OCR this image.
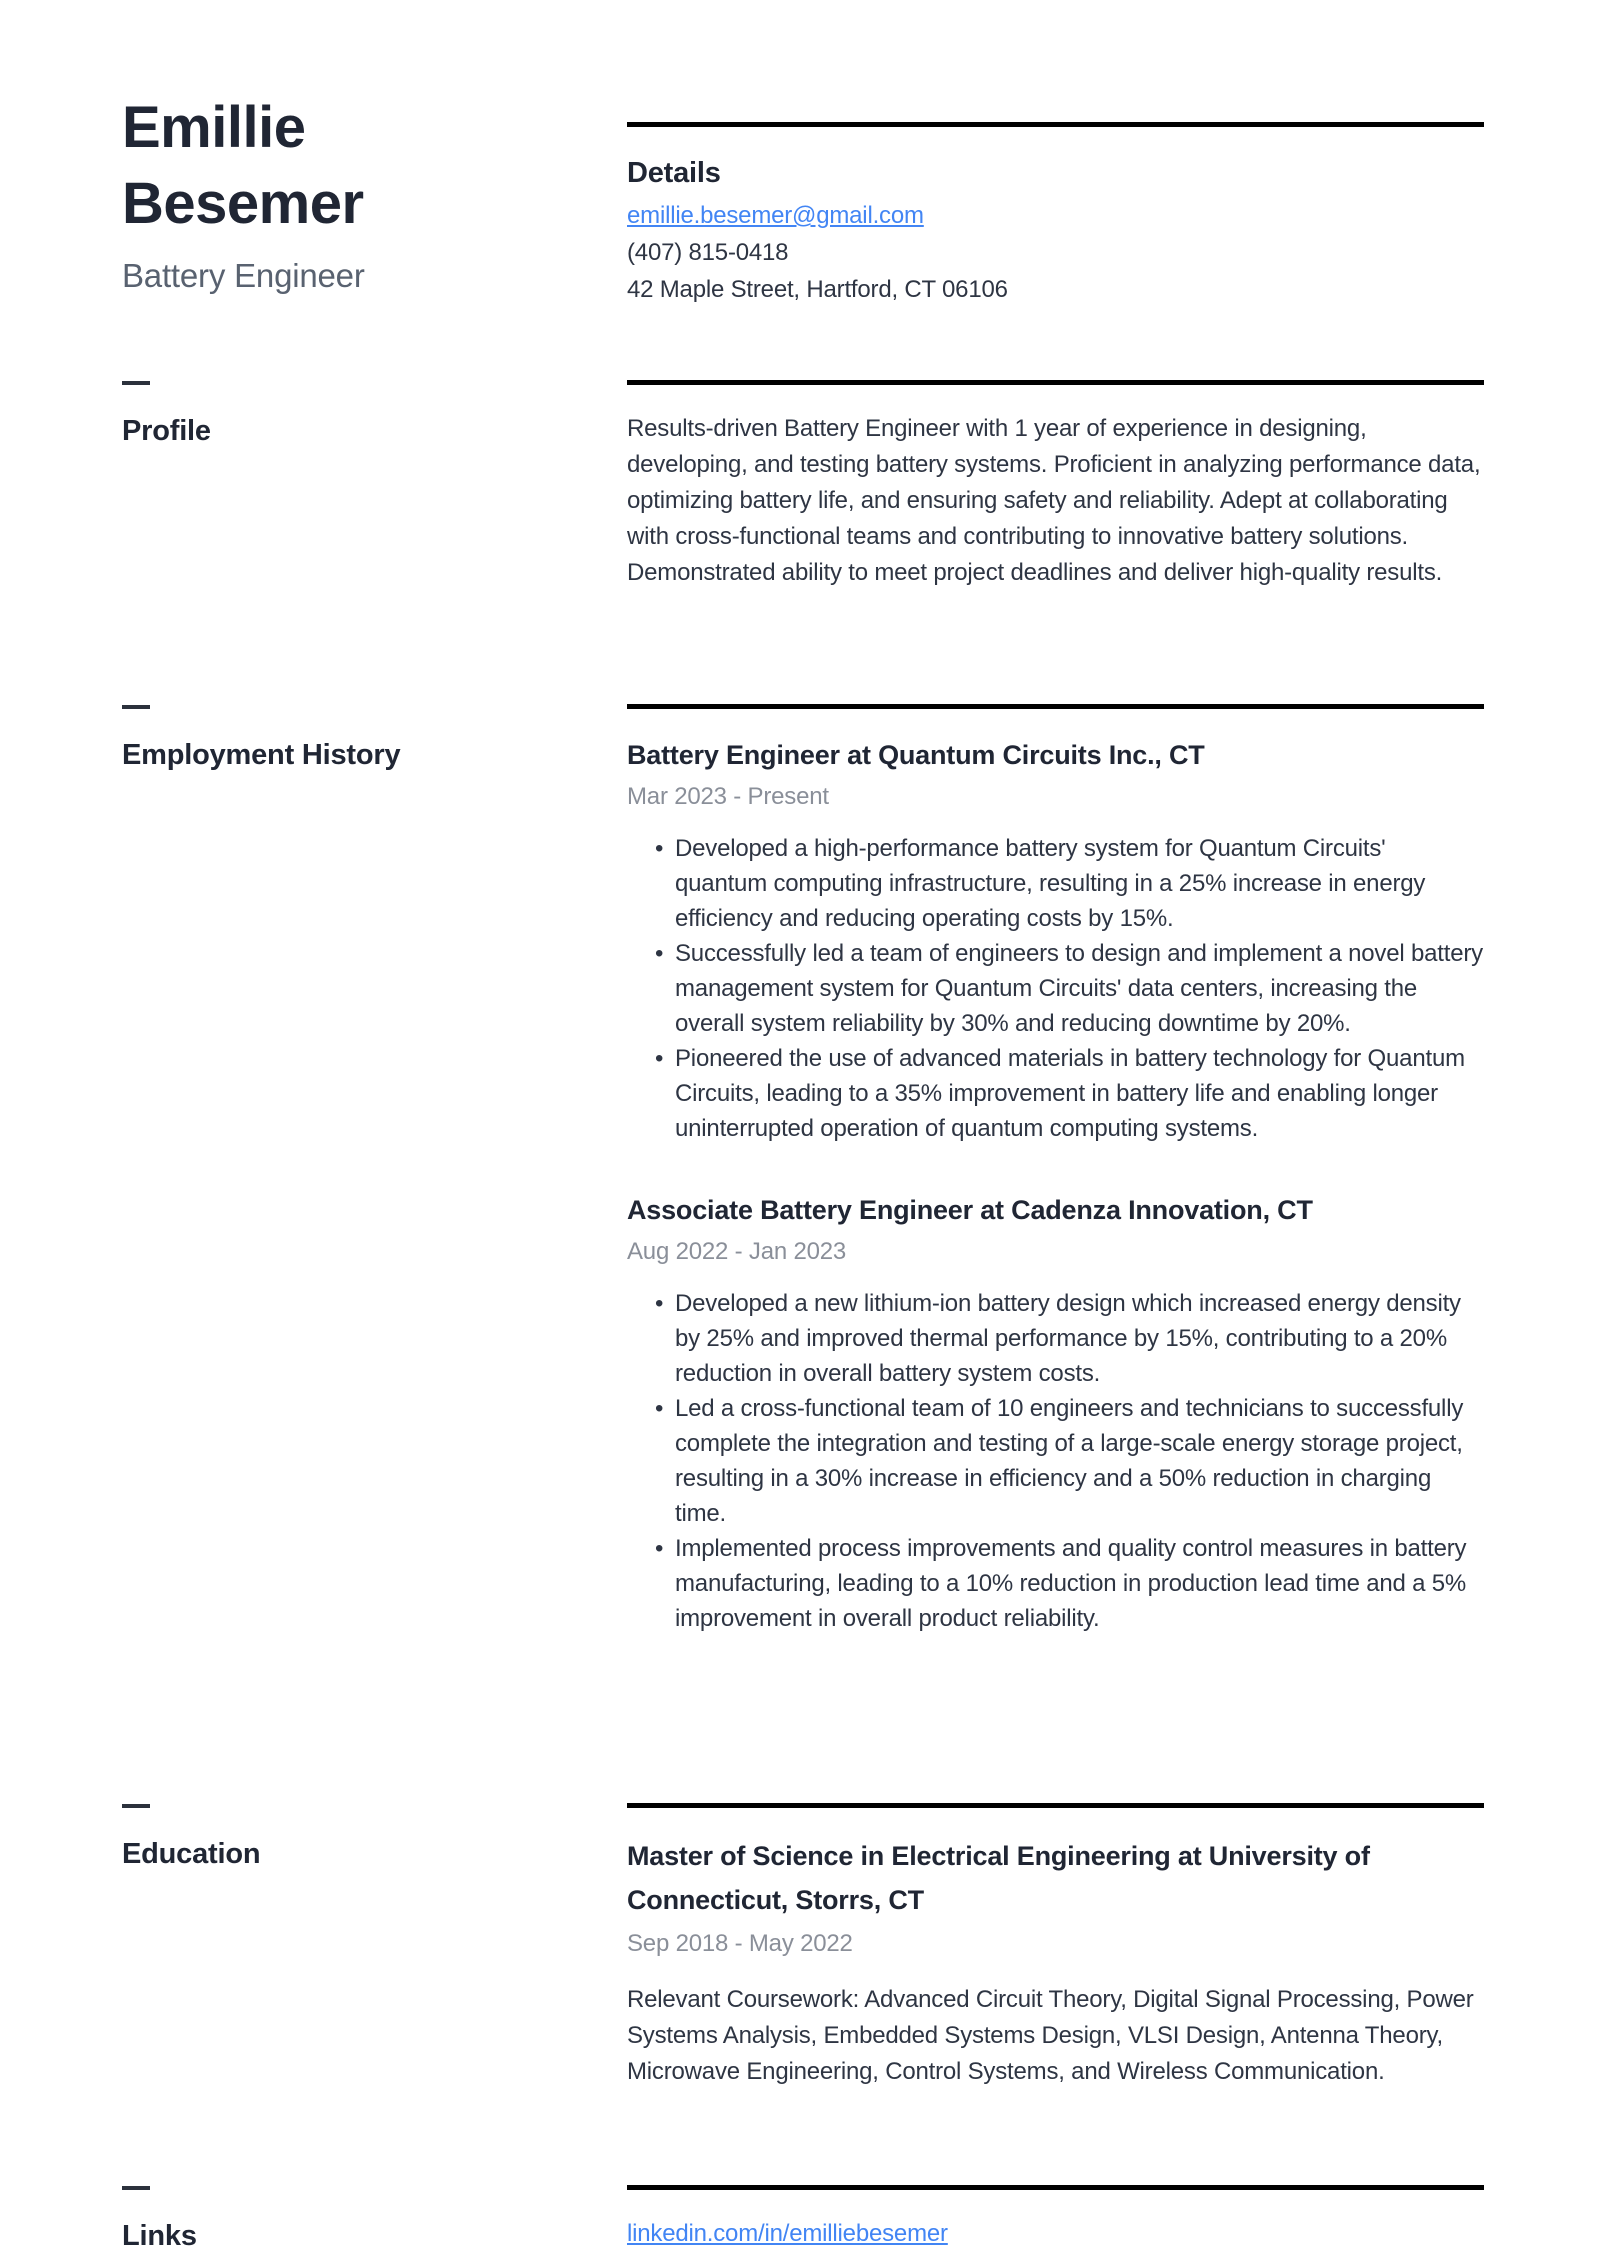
Emillie
Besemer
Battery Engineer
Details

emillie.besemer@gmail.com

(407) 815-0418

42 Maple Street, Hartford, CT 06106

Profile	Results-driven Battery Engineer with 1 year of experience in designing, developing, and testing battery systems. Proficient in analyzing performance data, optimizing battery life, and ensuring safety and reliability. Adept at collaborating with cross-functional teams and contributing to innovative battery solutions. Demonstrated ability to meet project deadlines and deliver high-quality results.

Employment History	Battery Engineer at Quantum Circuits Inc., CT
Mar 2023 - Present
• Developed a high-performance battery system for Quantum Circuits' quantum computing infrastructure, resulting in a 25% increase in energy efficiency and reducing operating costs by 15%.
• Successfully led a team of engineers to design and implement a novel battery management system for Quantum Circuits' data centers, increasing the overall system reliability by 30% and reducing downtime by 20%.
• Pioneered the use of advanced materials in battery technology for Quantum Circuits, leading to a 35% improvement in battery life and enabling longer uninterrupted operation of quantum computing systems.
Associate Battery Engineer at Cadenza Innovation, CT
Aug 2022 - Jan 2023
• Developed a new lithium-ion battery design which increased energy density by 25% and improved thermal performance by 15%, contributing to a 20% reduction in overall battery system costs.
• Led a cross-functional team of 10 engineers and technicians to successfully complete the integration and testing of a large-scale energy storage project, resulting in a 30% increase in efficiency and a 50% reduction in charging time.
• Implemented process improvements and quality control measures in battery manufacturing, leading to a 10% reduction in production lead time and a 5% improvement in overall product reliability.
Education	Master of Science in Electrical Engineering at University of Connecticut, Storrs, CT
Sep 2018 - May 2022

Relevant Coursework: Advanced Circuit Theory, Digital Signal Processing, Power Systems Analysis, Embedded Systems Design, VLSI Design, Antenna Theory, Microwave Engineering, Control Systems, and Wireless Communication.

Links	linkedin.com/in/emilliebesemer
